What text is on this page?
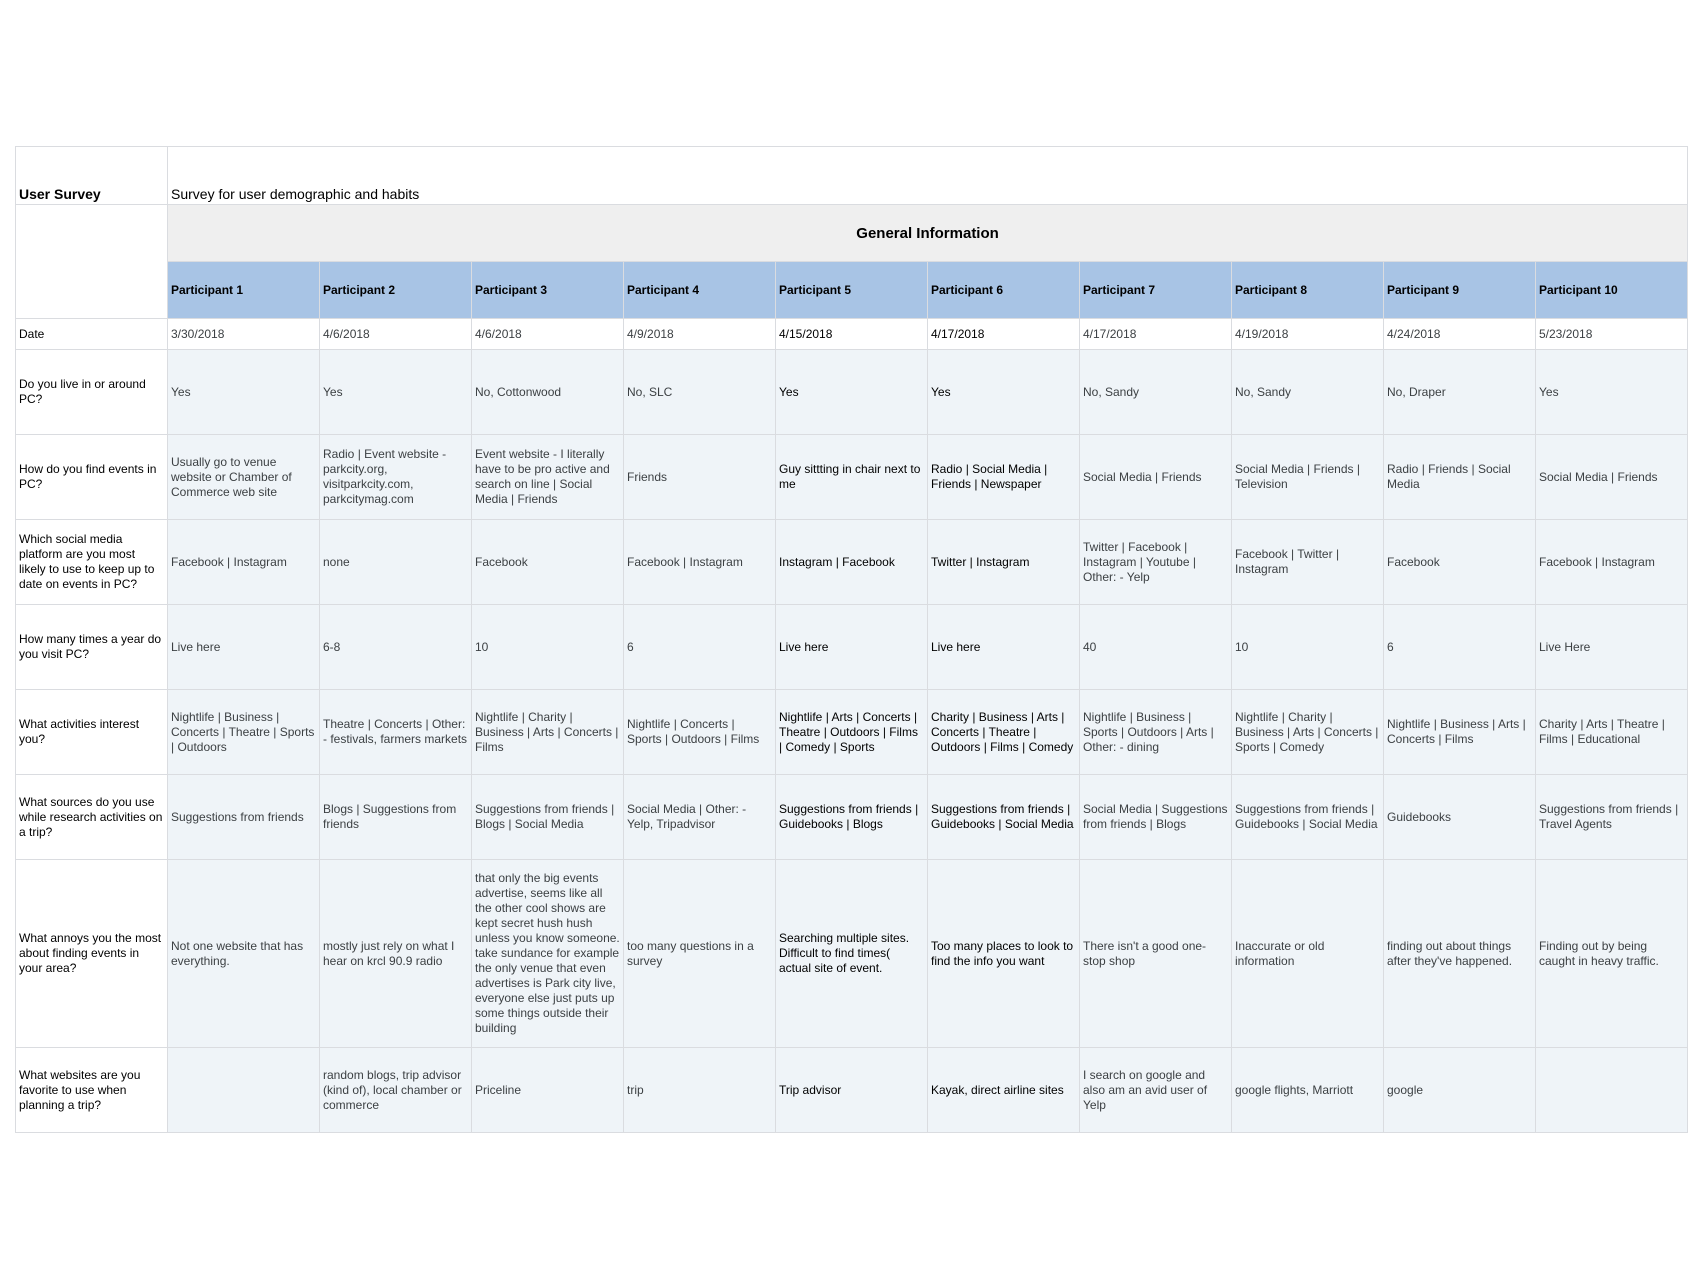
User Survey	Survey for user demographic and habits									
	General Information									
	Participant 1	Participant 2	Participant 3	Participant 4	Participant 5	Participant 6	Participant 7	Participant 8	Participant 9	Participant 10
Date	3/30/2018	4/6/2018	4/6/2018	4/9/2018	4/15/2018	4/17/2018	4/17/2018	4/19/2018	4/24/2018	5/23/2018
Do you live in or around PC?	Yes	Yes	No, Cottonwood	No, SLC	Yes	Yes	No, Sandy	No, Sandy	No, Draper	Yes
How do you find events in PC?	Usually go to venue website or Chamber of Commerce web site	Radio | Event website - parkcity.org, visitparkcity.com, parkcitymag.com	Event website - I literally have to be pro active and search on line | Social Media | Friends	Friends	Guy sittting in chair next to me	Radio | Social Media | Friends | Newspaper	Social Media | Friends	Social Media | Friends | Television	Radio | Friends | Social Media	Social Media | Friends
Which social media platform are you most likely to use to keep up to date on events in PC?	Facebook | Instagram	none	Facebook	Facebook | Instagram	Instagram | Facebook	Twitter | Instagram	Twitter | Facebook | Instagram | Youtube | Other: - Yelp	Facebook | Twitter | Instagram	Facebook	Facebook | Instagram
How many times a year do you visit PC?	Live here	6-8	10	6	Live here	Live here	40	10	6	Live Here
What activities interest you?	Nightlife | Business | Concerts | Theatre | Sports | Outdoors	Theatre | Concerts | Other: - festivals, farmers markets	Nightlife | Charity | Business | Arts | Concerts | Films	Nightlife | Concerts | Sports | Outdoors | Films	Nightlife | Arts | Concerts | Theatre | Outdoors | Films | Comedy | Sports	Charity | Business | Arts | Concerts | Theatre | Outdoors | Films | Comedy	Nightlife | Business | Sports | Outdoors | Arts | Other: - dining	Nightlife | Charity | Business | Arts | Concerts | Sports | Comedy	Nightlife | Business | Arts | Concerts | Films	Charity | Arts | Theatre | Films | Educational
What sources do you use while research activities on a trip?	Suggestions from friends	Blogs | Suggestions from friends	Suggestions from friends | Blogs | Social Media	Social Media | Other: - Yelp, Tripadvisor	Suggestions from friends | Guidebooks | Blogs	Suggestions from friends | Guidebooks | Social Media	Social Media | Suggestions from friends | Blogs	Suggestions from friends | Guidebooks | Social Media	Guidebooks	Suggestions from friends | Travel Agents
What annoys you the most about finding events in your area?	Not one website that has everything.	mostly just rely on what I hear on krcl 90.9 radio	that only the big events advertise, seems like all the other cool shows are kept secret hush hush unless you know someone. take sundance for example the only venue that even advertises is Park city live, everyone else just puts up some things outside their building	too many questions in a survey	Searching multiple sites. Difficult to find times( actual site of event.	Too many places to look to find the info you want	There isn't a good one-stop shop	Inaccurate or old information	finding out about things after they've happened.	Finding out by being caught in heavy traffic.
What websites are you favorite to use when planning a trip?		random blogs, trip advisor (kind of), local chamber or commerce	Priceline	trip	Trip advisor	Kayak, direct airline sites	I search on google and also am an avid user of Yelp	google flights, Marriott	google	
